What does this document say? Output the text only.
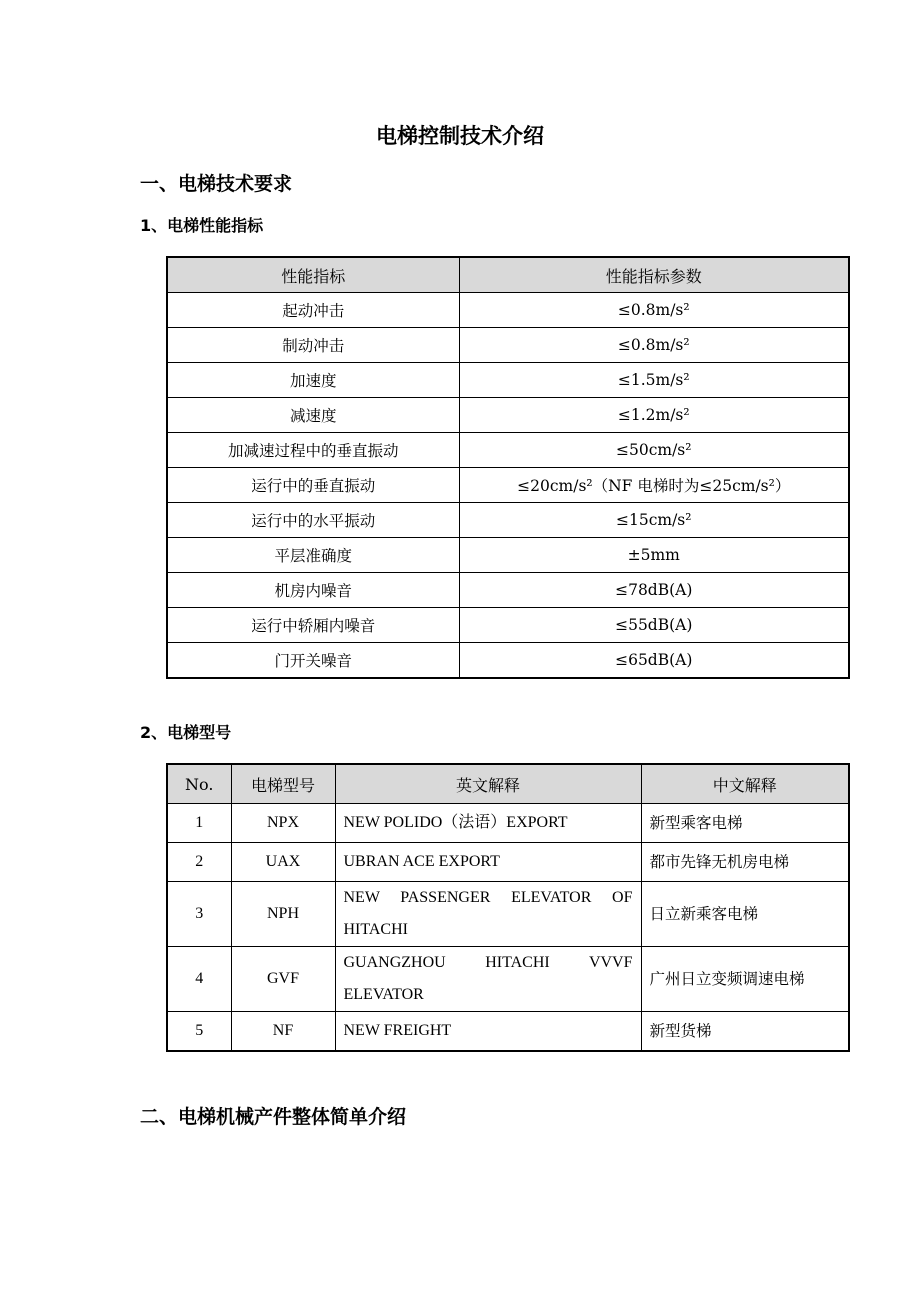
电梯控制技术介绍
一、电梯技术要求
1、电梯性能指标
性能指标	性能指标参数
起动冲击	≤0.8m/s²
制动冲击	≤0.8m/s²
加速度	≤1.5m/s²
减速度	≤1.2m/s²
加减速过程中的垂直振动	≤50cm/s²
运行中的垂直振动	≤20cm/s²（NF 电梯时为≤25cm/s²）
运行中的水平振动	≤15cm/s²
平层准确度	±5mm
机房内噪音	≤78dB(A)
运行中轿厢内噪音	≤55dB(A)
门开关噪音	≤65dB(A)
2、电梯型号
No.	电梯型号	英文解释	中文解释
1	NPX	NEW POLIDO（法语）EXPORT	新型乘客电梯
2	UAX	UBRAN ACE EXPORT	都市先锋无机房电梯
3	NPH	NEW PASSENGER ELEVATOR OF HITACHI	日立新乘客电梯
4	GVF	GUANGZHOU HITACHI VVVF ELEVATOR	广州日立变频调速电梯
5	NF	NEW FREIGHT	新型货梯
二、电梯机械产件整体简单介绍
